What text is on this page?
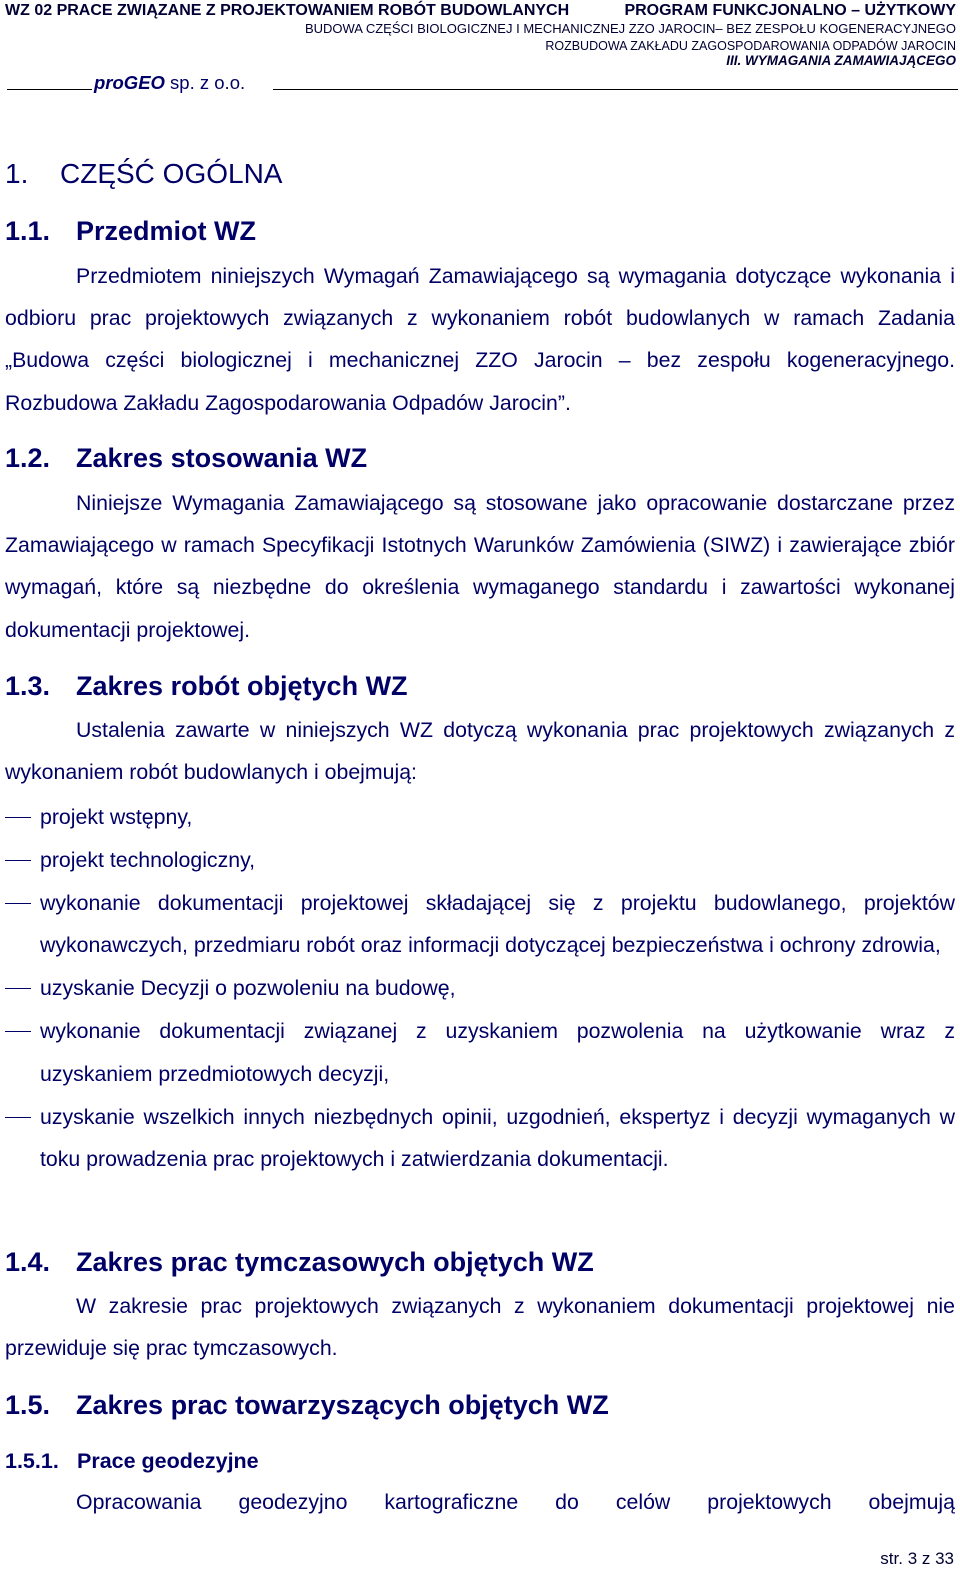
WZ 02 PRACE ZWIĄZANE Z PROJEKTOWANIEM ROBÓT BUDOWLANYCH	PROGRAM FUNKCJONALNO – UŻYTKOWY
BUDOWA CZĘŚCI BIOLOGICZNEJ I MECHANICZNEJ ZZO JAROCIN– BEZ ZESPOŁU KOGENERACYJNEGO
ROZBUDOWA ZAKŁADU ZAGOSPODAROWANIA ODPADÓW JAROCIN
III. WYMAGANIA ZAMAWIAJĄCEGO
proGEO sp. z o.o.
1. CZĘŚĆ OGÓLNA
1.1. Przedmiot WZ
Przedmiotem niniejszych Wymagań Zamawiającego są wymagania dotyczące wykonania i odbioru prac projektowych związanych z wykonaniem robót budowlanych w ramach Zadania „Budowa części biologicznej i mechanicznej ZZO Jarocin – bez zespołu kogeneracyjnego. Rozbudowa Zakładu Zagospodarowania Odpadów Jarocin”.
1.2. Zakres stosowania WZ
Niniejsze Wymagania Zamawiającego są stosowane jako opracowanie dostarczane przez Zamawiającego w ramach Specyfikacji Istotnych Warunków Zamówienia (SIWZ) i zawierające zbiór wymagań, które są niezbędne do określenia wymaganego standardu i zawartości wykonanej dokumentacji projektowej.
1.3. Zakres robót objętych WZ
Ustalenia zawarte w niniejszych WZ dotyczą wykonania prac projektowych związanych z wykonaniem robót budowlanych i obejmują:
projekt wstępny,
projekt technologiczny,
wykonanie dokumentacji projektowej składającej się z projektu budowlanego, projektów wykonawczych, przedmiaru robót oraz informacji dotyczącej bezpieczeństwa i ochrony zdrowia,
uzyskanie Decyzji o pozwoleniu na budowę,
wykonanie dokumentacji związanej z uzyskaniem pozwolenia na użytkowanie wraz z uzyskaniem przedmiotowych decyzji,
uzyskanie wszelkich innych niezbędnych opinii, uzgodnień, ekspertyz i decyzji wymaganych w toku prowadzenia prac projektowych i zatwierdzania dokumentacji.
1.4. Zakres prac tymczasowych objętych WZ
W zakresie prac projektowych związanych z wykonaniem dokumentacji projektowej nie przewiduje się prac tymczasowych.
1.5. Zakres prac towarzyszących objętych WZ
1.5.1. Prace geodezyjne
Opracowania geodezyjno kartograficzne do celów projektowych obejmują
str. 3 z 33
